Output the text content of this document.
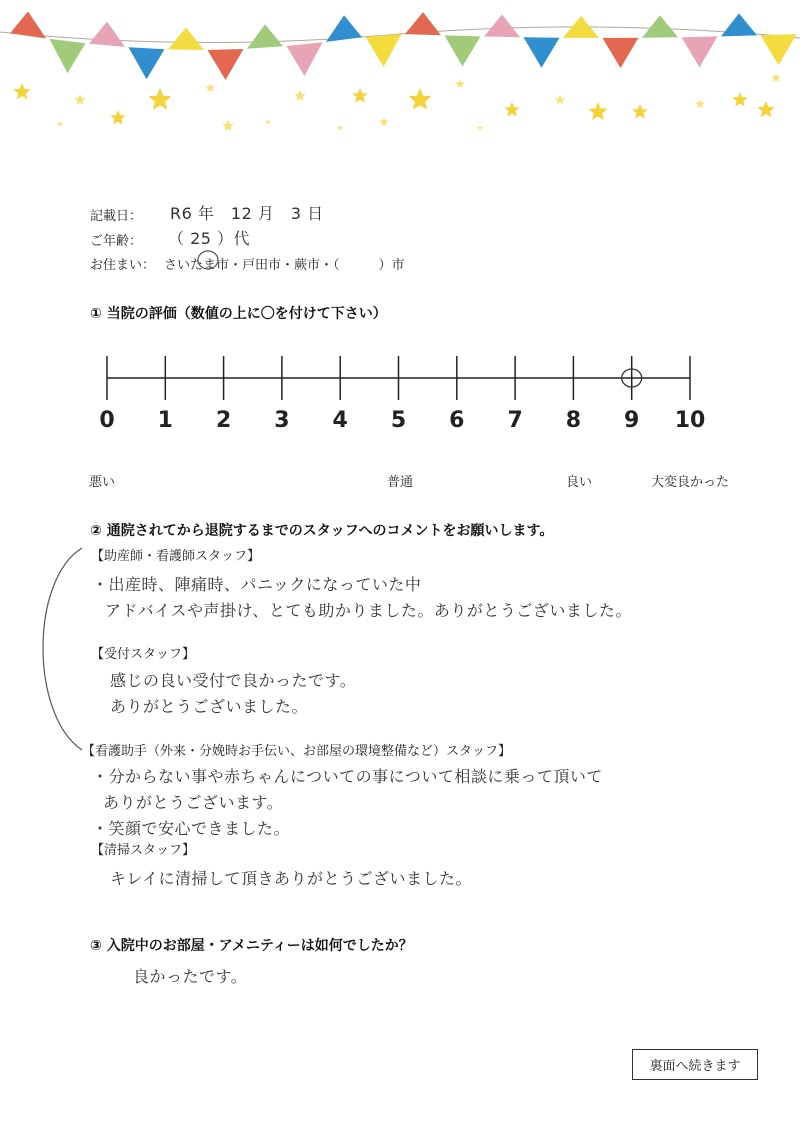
記載日： R6 年　12 月　3 日
ご年齢： （ 25 ）代
お住まい： さいたま市・戸田市・蕨市・（　　　）市
① 当院の評価（数値の上に〇を付けて下さい）
0	1	2	3	4	5	6	7	8	9	10
悪い	普通	良い	大変良かった
② 通院されてから退院するまでのスタッフへのコメントをお願いします。
【助産師・看護師スタッフ】
・出産時、陣痛時、パニックになっていた中
アドバイスや声掛け、とても助かりました。ありがとうございました。
【受付スタッフ】
感じの良い受付で良かったです。
ありがとうございました。
【看護助手（外来・分娩時お手伝い、お部屋の環境整備など）スタッフ】
・分からない事や赤ちゃんについての事について相談に乗って頂いて
ありがとうございます。
・笑顔で安心できました。
【清掃スタッフ】
キレイに清掃して頂きありがとうございました。
③ 入院中のお部屋・アメニティーは如何でしたか？
良かったです。
裏面へ続きます
